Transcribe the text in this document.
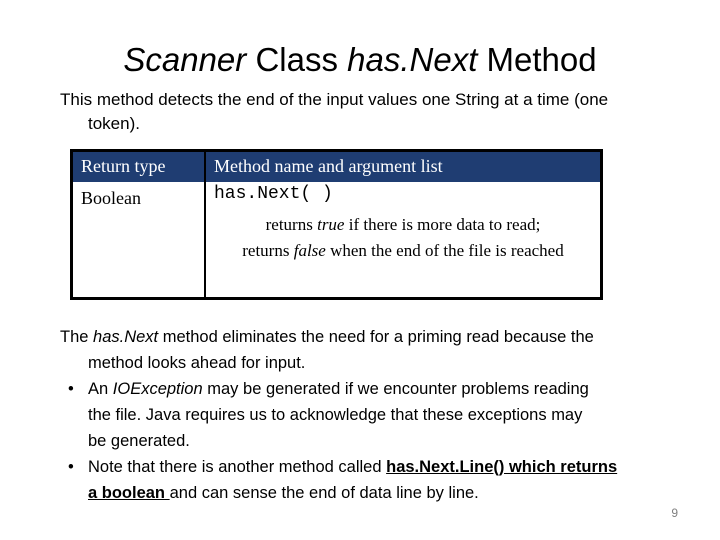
Scanner Class has.Next Method
This method detects the end of the input values one String at a time (one
token).
Return type	Method name and argument list
Boolean	has.Next( )
returns true if there is more data to read;
returns false when the end of the file is reached
The has.Next method eliminates the need for a priming read because the
method looks ahead for input.
• An IOException may be generated if we encounter problems reading
the file. Java requires us to acknowledge that these exceptions may
be generated.
• Note that there is another method called has.Next.Line() which returns
a boolean and can sense the end of data line by line.
9
